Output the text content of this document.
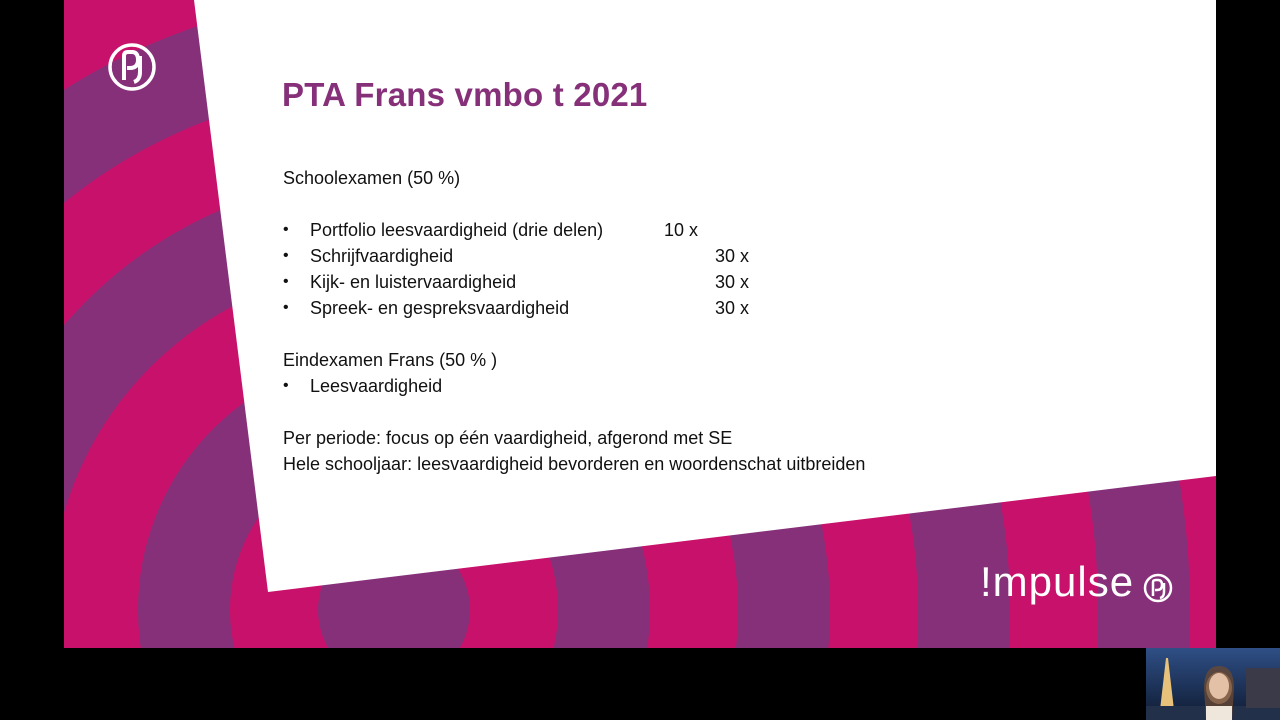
PTA Frans vmbo t 2021
Schoolexamen (50 %)
• Portfolio leesvaardigheid (drie delen)	10 x
• Schrijfvaardigheid	30 x
• Kijk- en luistervaardigheid	30 x
• Spreek- en gespreksvaardigheid	30 x
Eindexamen Frans (50 % )
• Leesvaardigheid
Per periode: focus op één vaardigheid, afgerond met SE
Hele schooljaar: leesvaardigheid bevorderen en woordenschat uitbreiden
!mpulse
